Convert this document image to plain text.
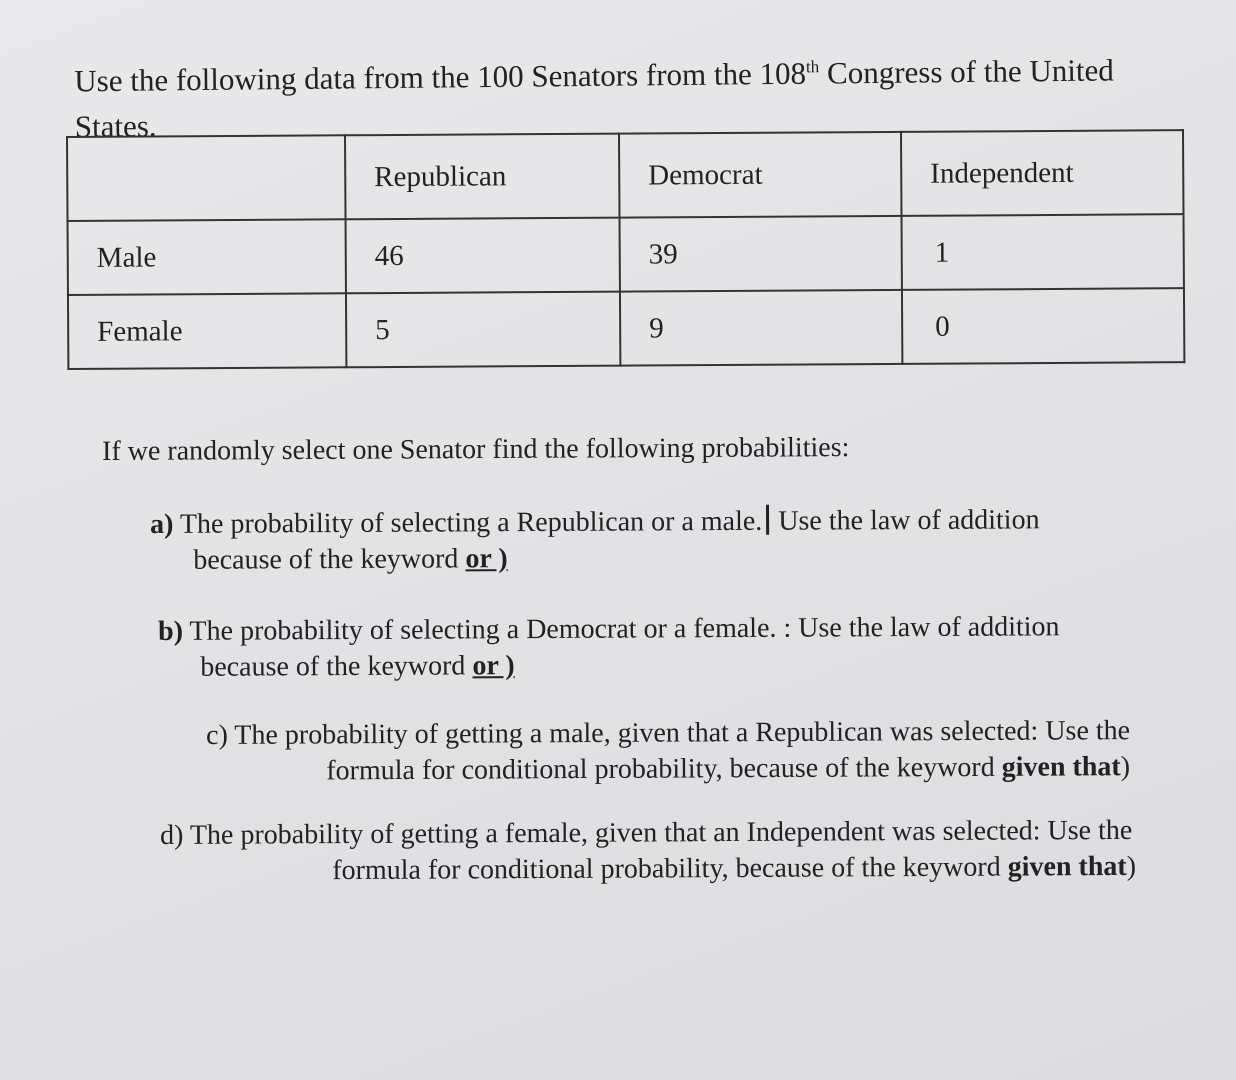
Use the following data from the 100 Senators from the 108th Congress of the United States.
	Republican	Democrat	Independent
Male	46	39	1
Female	5	9	0
If we randomly select one Senator find the following probabilities:
a) The probability of selecting a Republican or a male. Use the law of addition
because of the keyword or )
b) The probability of selecting a Democrat or a female. : Use the law of addition
because of the keyword or )
c) The probability of getting a male, given that a Republican was selected: Use the
formula for conditional probability, because of the keyword given that)
d) The probability of getting a female, given that an Independent was selected: Use the
formula for conditional probability, because of the keyword given that)
